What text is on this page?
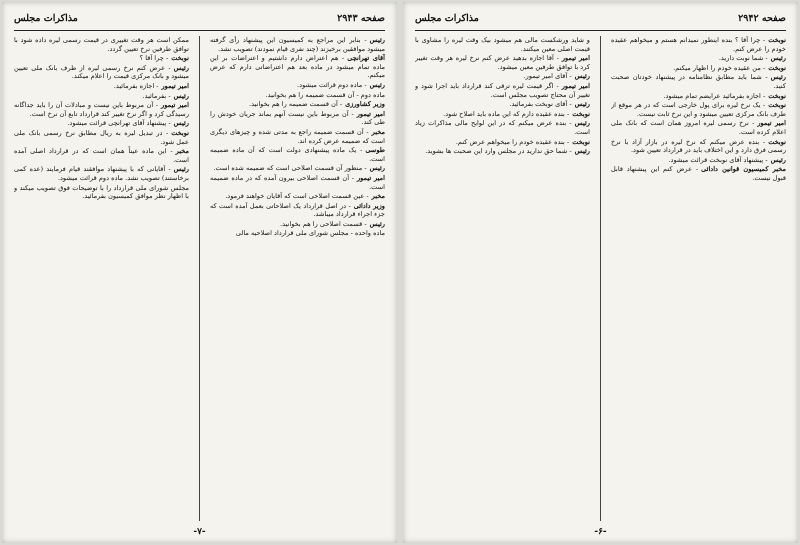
صفحه ۲۹۴۳
مذاکرات مجلس

رئیس- بنابر این مراجع به کمیسیون این پیشنهاد رأی گرفته میشود موافقین برخیزند (چند نفری قیام نمودند) تصویب نشد.

آقای تهرانچی- هم اعتراض دارم داشتیم و اعتراضات بر این ماده تمام میشود در ماده بعد هم اعتراضاتی دارم که عرض میکنم.

رئیس- ماده دوم قرائت میشود.

ماده دوم - آن قسمت ضمیمه را هم بخوانید.

وزیر کشاورزی- آن قسمت ضمیمه را هم بخوانید.

امیر تیمور- آن مربوط باین نیست آنهم بماند جریان خودش را طی کند.

مخبر- آن قسمت ضمیمه راجع به مدتی شده و چیزهای دیگری است که ضمیمه عرض کرده اند.

طوسی- یک ماده پیشنهادی دولت است که آن ماده ضمیمه است.

رئیس- منظور آن قسمت اصلاحی است که ضمیمه شده است.

امیر تیمور- آن قسمت اصلاحی بیرون آمده که در ماده ضمیمه است.

مخبر- عین قسمت اصلاحی است که آقایان خواهند فرمود.

وزیر دادائی- در اصل قرارداد یک اصلاحاتی بعمل آمده است که جزء اجراء قرارداد میباشد.

رئیس- قسمت اصلاحی را هم بخوانید.

ماده واحده - مجلس شورای ملی قرارداد اصلاحیه مالی

ممکن است هر وقت تغییری در قیمت رسمی لیره داده شود با توافق طرفین نرخ تعیین گردد.

نوبخت- چرا آقا ؟

رئیس- عرض کنم نرخ رسمی لیره از طرف بانک ملی تعیین میشود و بانک مرکزی قیمت را اعلام میکند.

امیر تیمور- اجازه بفرمائید.

رئیس- بفرمائید.

امیر تیمور- آن مربوط باین نیست و مبادلات آن را باید جداگانه رسیدگی کرد و اگر نرخ تغییر کند قرارداد تابع آن نرخ است.

رئیس- پیشنهاد آقای تهرانچی قرائت میشود.

نوبخت- در تبدیل لیره به ریال مطابق نرخ رسمی بانک ملی عمل شود.

مخبر- این ماده عیناً همان است که در قرارداد اصلی آمده است.

رئیس- آقایانی که با پیشنهاد موافقند قیام فرمایند (عده کمی برخاستند) تصویب نشد. ماده دوم قرائت میشود.

مجلس شورای ملی قرارداد را با توضیحات فوق تصویب میکند و با اظهار نظر موافق کمیسیون بفرمائید.

-۷-
صفحه ۲۹۴۲
مذاکرات مجلس

نوبخت- چرا آقا ؟ بنده اینطور نمیدانم هستم و میخواهم عقیده خودم را عرض کنم.

رئیس- شما نوبت دارید.

نوبخت- من عقیده خودم را اظهار میکنم.

رئیس- شما باید مطابق نظامنامه در پیشنهاد خودتان صحبت کنید.

نوبخت- اجازه بفرمائید عرایضم تمام میشود.

نوبخت- یک نرخ لیره برای پول خارجی است که در هر موقع از طرف بانک مرکزی تعیین میشود و این نرخ ثابت نیست.

امیر تیمور- نرخ رسمی لیره امروز همان است که بانک ملی اعلام کرده است.

نوبخت- بنده عرض میکنم که نرخ لیره در بازار آزاد با نرخ رسمی فرق دارد و این اختلاف باید در قرارداد تعیین شود.

رئیس- پیشنهاد آقای نوبخت قرائت میشود.

مخبر کمیسیون قوانین دادائی- عرض کنم این پیشنهاد قابل قبول نیست.

و شاید ورشکست مالی هم میشود بیک وقت لیره را مشاوی با قیمت اصلی معین میکنند.

امیر تیمور- آقا اجازه بدهید عرض کنم نرخ لیره هر وقت تغییر کرد با توافق طرفین معین میشود.

رئیس- آقای امیر تیمور.

امیر تیمور- اگر قیمت لیره ترقی کند قرارداد باید اجرا شود و تغییر آن محتاج تصویب مجلس است.

رئیس- آقای نوبخت بفرمائید.

نوبخت- بنده عقیده دارم که این ماده باید اصلاح شود.

رئیس- بنده عرض میکنم که در این لوایح مالی مذاکرات زیاد است.

نوبخت- بنده عقیده خودم را میخواهم عرض کنم.

رئیس- شما حق ندارید در مجلس وارد این صحبت ها بشوید.

-۶-
